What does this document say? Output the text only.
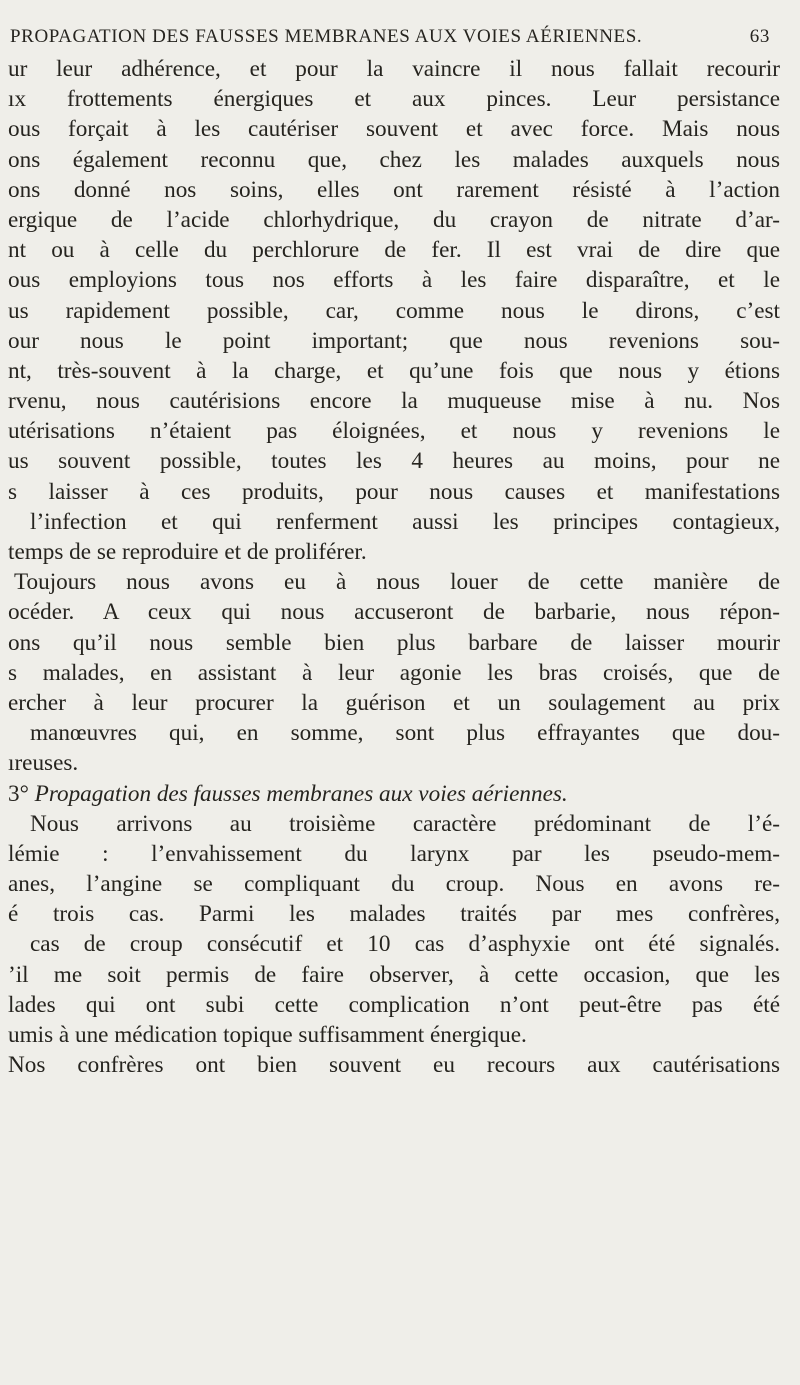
PROPAGATION DES FAUSSES MEMBRANES AUX VOIES AÉRIENNES.	63
ur leur adhérence, et pour la vaincre il nous fallait recourir
ıx frottements énergiques et aux pinces. Leur persistance
ous forçait à les cautériser souvent et avec force. Mais nous
ons également reconnu que, chez les malades auxquels nous
ons donné nos soins, elles ont rarement résisté à l’action
ergique de l’acide chlorhydrique, du crayon de nitrate d’ar-
nt ou à celle du perchlorure de fer. Il est vrai de dire que
ous employions tous nos efforts à les faire disparaître, et le
us rapidement possible, car, comme nous le dirons, c’est
our nous le point important; que nous revenions sou-
nt, très-souvent à la charge, et qu’une fois que nous y étions
rvenu, nous cautérisions encore la muqueuse mise à nu. Nos
utérisations n’étaient pas éloignées, et nous y revenions le
us souvent possible, toutes les 4 heures au moins, pour ne
s laisser à ces produits, pour nous causes et manifestations
l’infection et qui renferment aussi les principes contagieux,
temps de se reproduire et de proliférer.
Toujours nous avons eu à nous louer de cette manière de
océder. A ceux qui nous accuseront de barbarie, nous répon-
ons qu’il nous semble bien plus barbare de laisser mourir
s malades, en assistant à leur agonie les bras croisés, que de
ercher à leur procurer la guérison et un soulagement au prix
manœuvres qui, en somme, sont plus effrayantes que dou-
ıreuses.
3° Propagation des fausses membranes aux voies aériennes.
Nous arrivons au troisième caractère prédominant de l’é-
lémie : l’envahissement du larynx par les pseudo-mem-
anes, l’angine se compliquant du croup. Nous en avons re-
é trois cas. Parmi les malades traités par mes confrères,
cas de croup consécutif et 10 cas d’asphyxie ont été signalés.
’il me soit permis de faire observer, à cette occasion, que les
lades qui ont subi cette complication n’ont peut-être pas été
umis à une médication topique suffisamment énergique.
Nos confrères ont bien souvent eu recours aux cautérisations
